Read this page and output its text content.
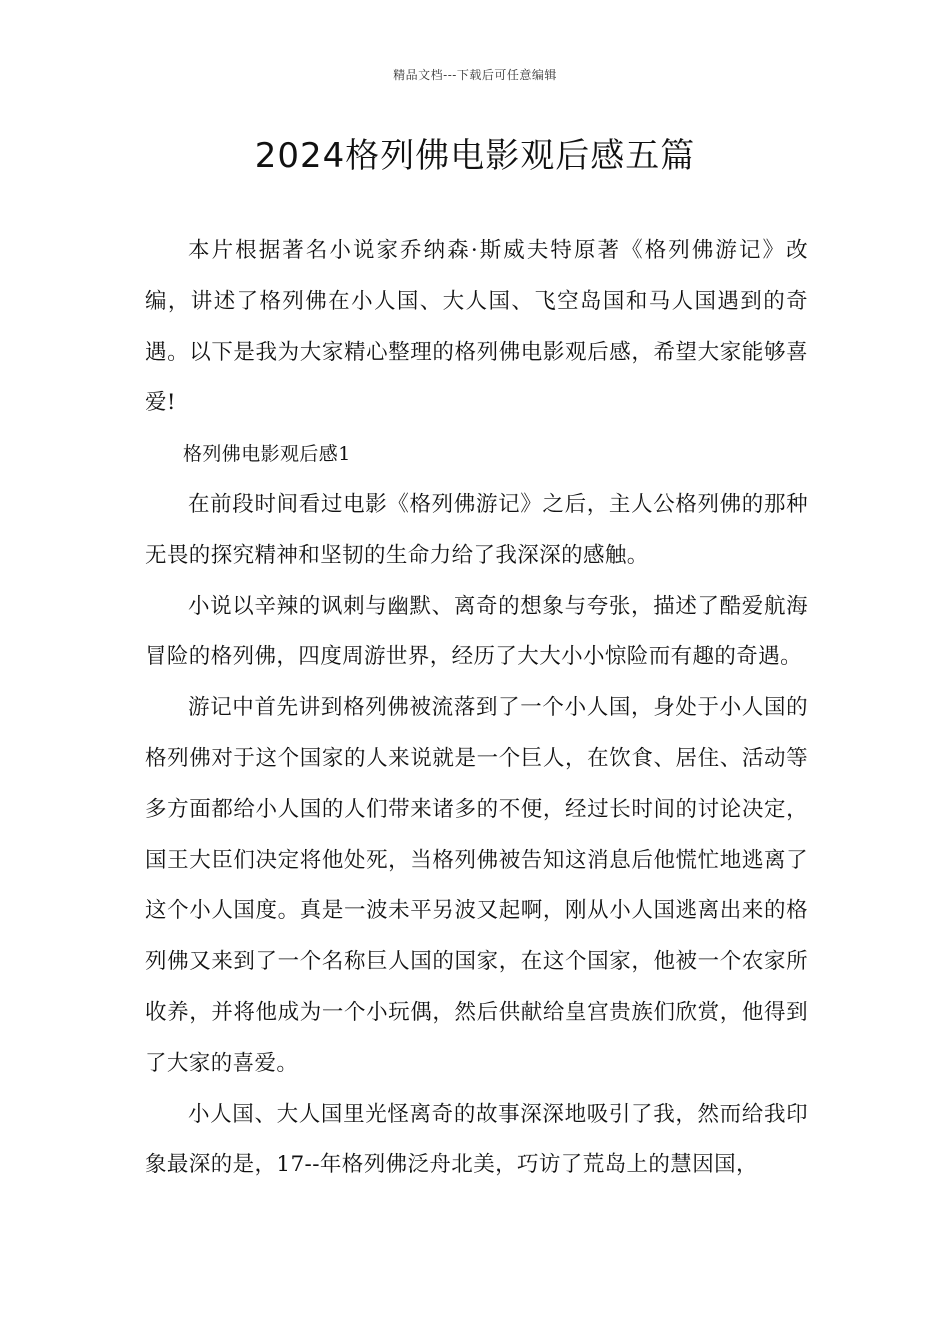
精品文档---下载后可任意编辑
2024格列佛电影观后感五篇

本片根据著名小说家乔纳森·斯威夫特原著《格列佛游记》改编，讲述了格列佛在小人国、大人国、飞空岛国和马人国遇到的奇遇。以下是我为大家精心整理的格列佛电影观后感，希望大家能够喜爱!

格列佛电影观后感1

在前段时间看过电影《格列佛游记》之后，主人公格列佛的那种无畏的探究精神和坚韧的生命力给了我深深的感触。

小说以辛辣的讽刺与幽默、离奇的想象与夸张，描述了酷爱航海冒险的格列佛，四度周游世界，经历了大大小小惊险而有趣的奇遇。

游记中首先讲到格列佛被流落到了一个小人国，身处于小人国的格列佛对于这个国家的人来说就是一个巨人，在饮食、居住、活动等多方面都给小人国的人们带来诸多的不便，经过长时间的讨论决定，国王大臣们决定将他处死，当格列佛被告知这消息后他慌忙地逃离了这个小人国度。真是一波未平另波又起啊，刚从小人国逃离出来的格列佛又来到了一个名称巨人国的国家，在这个国家，他被一个农家所收养，并将他成为一个小玩偶，然后供献给皇宫贵族们欣赏，他得到了大家的喜爱。

小人国、大人国里光怪离奇的故事深深地吸引了我，然而给我印象最深的是，17--年格列佛泛舟北美，巧访了荒岛上的慧因国，
